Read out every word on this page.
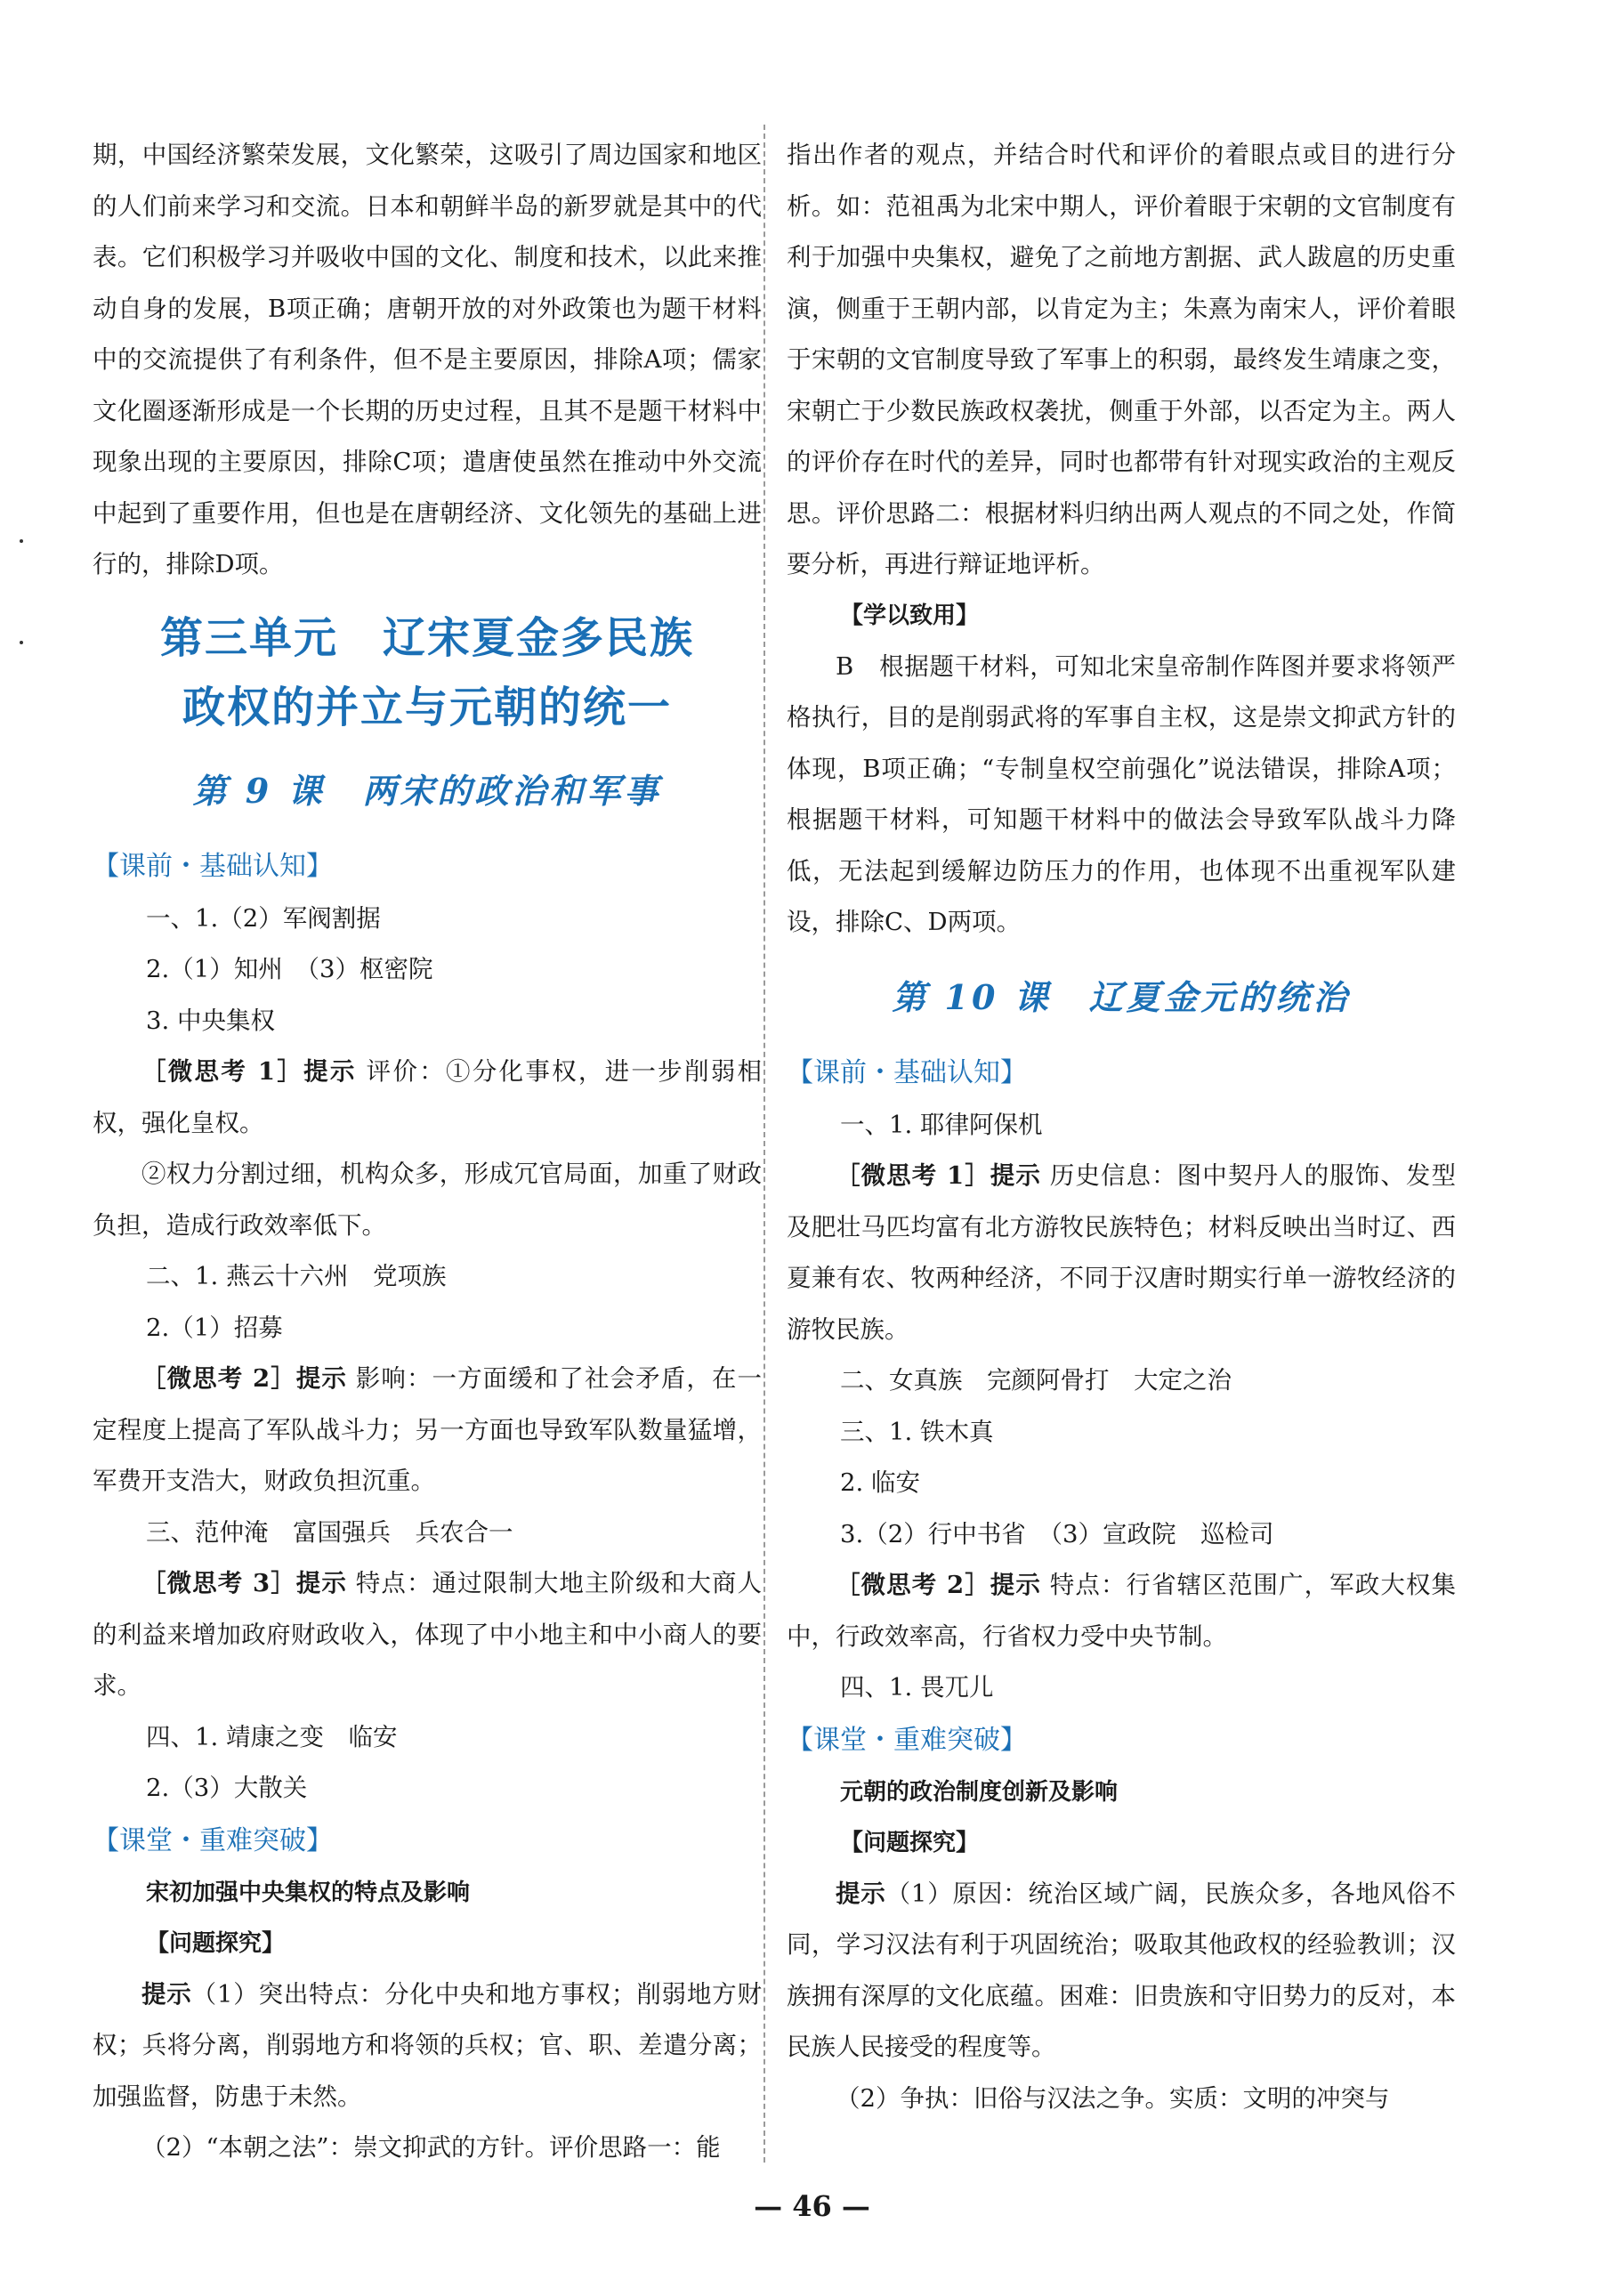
期，中国经济繁荣发展，文化繁荣，这吸引了周边国家和地区的人们前来学习和交流。日本和朝鲜半岛的新罗就是其中的代表。它们积极学习并吸收中国的文化、制度和技术，以此来推动自身的发展，B项正确；唐朝开放的对外政策也为题干材料中的交流提供了有利条件，但不是主要原因，排除A项；儒家文化圈逐渐形成是一个长期的历史过程，且其不是题干材料中现象出现的主要原因，排除C项；遣唐使虽然在推动中外交流中起到了重要作用，但也是在唐朝经济、文化领先的基础上进行的，排除D项。

第三单元　辽宋夏金多民族
政权的并立与元朝的统一
第 9 课　两宋的政治和军事
【课前・基础认知】
一、1.（2）军阀割据
2.（1）知州　（3）枢密院
3. 中央集权

［微思考 1］提示 评价：①分化事权，进一步削弱相权，强化皇权。

②权力分割过细，机构众多，形成冗官局面，加重了财政负担，造成行政效率低下。

二、1. 燕云十六州　党项族
2.（1）招募

［微思考 2］提示 影响：一方面缓和了社会矛盾，在一定程度上提高了军队战斗力；另一方面也导致军队数量猛增，军费开支浩大，财政负担沉重。

三、范仲淹　富国强兵　兵农合一

［微思考 3］提示 特点：通过限制大地主阶级和大商人的利益来增加政府财政收入，体现了中小地主和中小商人的要求。

四、1. 靖康之变　临安
2.（3）大散关
【课堂・重难突破】
宋初加强中央集权的特点及影响
【问题探究】

提示（1）突出特点：分化中央和地方事权；削弱地方财权；兵将分离，削弱地方和将领的兵权；官、职、差遣分离；加强监督，防患于未然。

（2）“本朝之法”：崇文抑武的方针。评价思路一：能

指出作者的观点，并结合时代和评价的着眼点或目的进行分析。如：范祖禹为北宋中期人，评价着眼于宋朝的文官制度有利于加强中央集权，避免了之前地方割据、武人跋扈的历史重演，侧重于王朝内部，以肯定为主；朱熹为南宋人，评价着眼于宋朝的文官制度导致了军事上的积弱，最终发生靖康之变，宋朝亡于少数民族政权袭扰，侧重于外部，以否定为主。两人的评价存在时代的差异，同时也都带有针对现实政治的主观反思。评价思路二：根据材料归纳出两人观点的不同之处，作简要分析，再进行辩证地评析。

【学以致用】

B　根据题干材料，可知北宋皇帝制作阵图并要求将领严格执行，目的是削弱武将的军事自主权，这是崇文抑武方针的体现，B项正确；“专制皇权空前强化”说法错误，排除A项；根据题干材料，可知题干材料中的做法会导致军队战斗力降低，无法起到缓解边防压力的作用，也体现不出重视军队建设，排除C、D两项。

第 10 课　辽夏金元的统治
【课前・基础认知】
一、1. 耶律阿保机

［微思考 1］提示 历史信息：图中契丹人的服饰、发型及肥壮马匹均富有北方游牧民族特色；材料反映出当时辽、西夏兼有农、牧两种经济，不同于汉唐时期实行单一游牧经济的游牧民族。

二、女真族　完颜阿骨打　大定之治
三、1. 铁木真
2. 临安
3.（2）行中书省　（3）宣政院　巡检司

［微思考 2］提示 特点：行省辖区范围广，军政大权集中，行政效率高，行省权力受中央节制。

四、1. 畏兀儿
【课堂・重难突破】
元朝的政治制度创新及影响
【问题探究】

提示（1）原因：统治区域广阔，民族众多，各地风俗不同，学习汉法有利于巩固统治；吸取其他政权的经验教训；汉族拥有深厚的文化底蕴。困难：旧贵族和守旧势力的反对，本民族人民接受的程度等。

（2）争执：旧俗与汉法之争。实质：文明的冲突与

— 46 —
